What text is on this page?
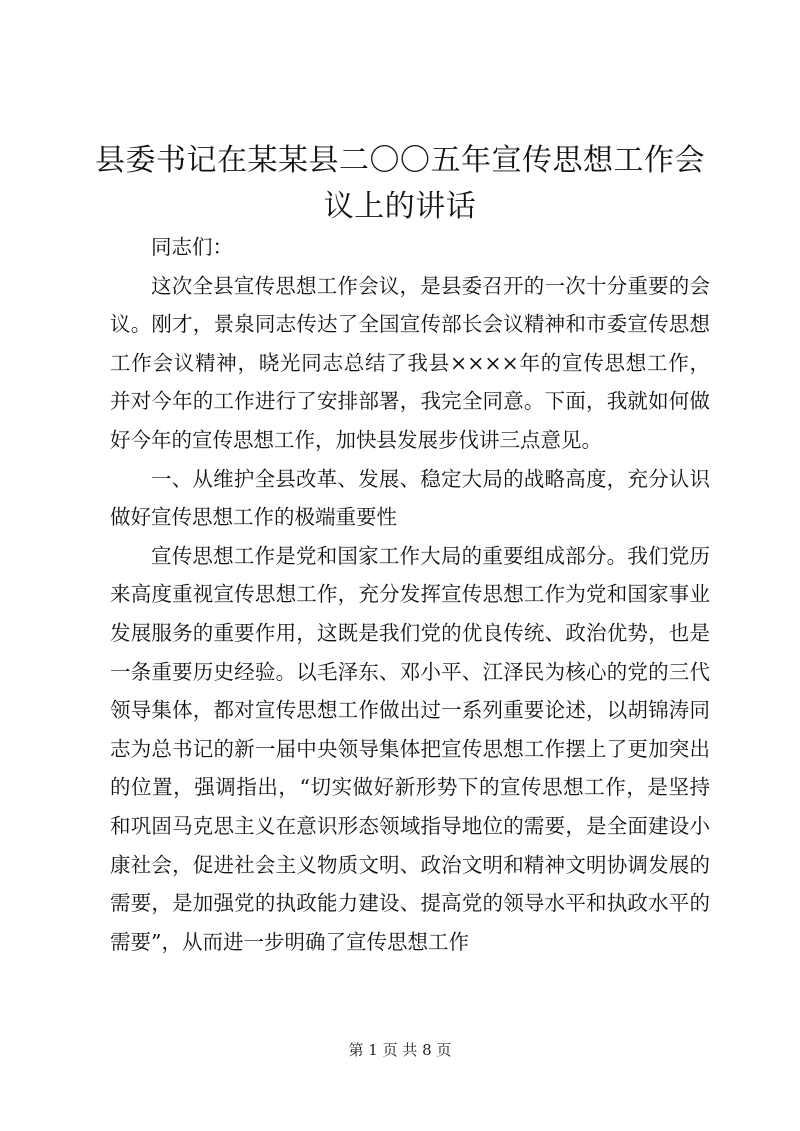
县委书记在某某县二〇〇五年宣传思想工作会议上的讲话

同志们：

这次全县宣传思想工作会议，是县委召开的一次十分重要的会议。刚才，景泉同志传达了全国宣传部长会议精神和市委宣传思想工作会议精神，晓光同志总结了我县××××年的宣传思想工作，并对今年的工作进行了安排部署，我完全同意。下面，我就如何做好今年的宣传思想工作，加快县发展步伐讲三点意见。

一、从维护全县改革、发展、稳定大局的战略高度，充分认识做好宣传思想工作的极端重要性

宣传思想工作是党和国家工作大局的重要组成部分。我们党历来高度重视宣传思想工作，充分发挥宣传思想工作为党和国家事业发展服务的重要作用，这既是我们党的优良传统、政治优势，也是一条重要历史经验。以毛泽东、邓小平、江泽民为核心的党的三代领导集体，都对宣传思想工作做出过一系列重要论述，以胡锦涛同志为总书记的新一届中央领导集体把宣传思想工作摆上了更加突出的位置，强调指出，“切实做好新形势下的宣传思想工作，是坚持和巩固马克思主义在意识形态领域指导地位的需要，是全面建设小康社会，促进社会主义物质文明、政治文明和精神文明协调发展的需要，是加强党的执政能力建设、提高党的领导水平和执政水平的需要”，从而进一步明确了宣传思想工作

第 1 页 共 8 页
